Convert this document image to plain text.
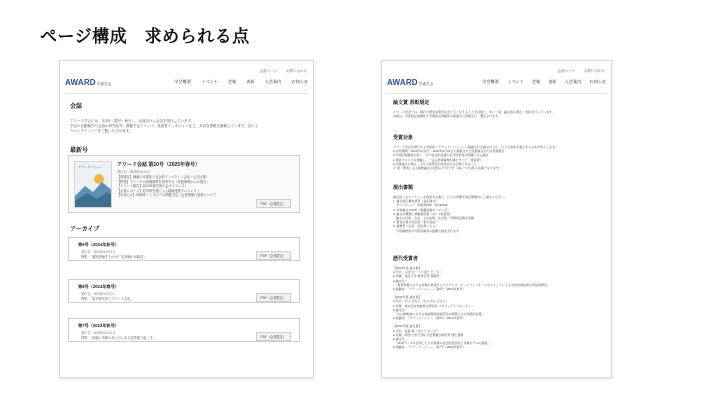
ページ構成　求められる点
会員ページ	お問い合わせ
AWARD学術学会	学会概要 イベント 会報 表彰 入会案内 お知らせ
会誌
アワード学会では、年2回（春号・秋号）、会員向けに会誌を発行しています。
学会の活動報告や会員の研究紹介、開催予定イベント、受賞者インタビューなど、多彩な情報を掲載しています。以下よ
りバックナンバーをご覧いただけます。
最新号
アワードレビュー	アワード会誌 第10号（2025年春号）
発行日：2025年4月1日
【巻頭言】価値の可視化と社会的インパクト（会長・山田太郎）
【特集】アワードの評価基準を再考する（実践事例からの提言）
【イベント報告】2024年度学術大会ダイジェスト
【会員レポート】若手研究者による地域連携プロジェクト
【お知らせ】2025年シンポジウム開催予定／会員情報の更新について
PDF（会員限定）
アーカイブ
第9号（2024年秋号）
発行日：2024年10月1日
特集：「識別評価するのか？次評価の可能性」	PDF（会員限定）
第8号（2024年春号）
発行日：2024年4月1日
特集：「若手研究者とアワード文化」	PDF（会員限定）
第7号（2023年秋号）
発行日：2023年10月1日
特集：「評価と実務のあいだにある知を掘り起こす」	PDF（会員限定）
会員ページ	お問い合わせ
AWARD学術学会	学会概要 イベント 会報 表彰 入会案内 お知らせ
論文賞 表彰規定
アワード学会では、優れた研究成果を社会に広く伝えることを目的に、年に一度、論文賞の選定・表彰を行っています。
本賞は、学術的な独創性と実務的な貢献性の両面から評価され、選定されます。
受賞対象
アワード学会が発行する学術誌「アワードレビュー」に掲載された論文のうち、以下の条件を満たすものを対象とします。
● 対象期間：2024年4月1日〜2025年3月31日に掲載された原著論文または実践報告
● 学術的独創性が高く、かつ社会的意義や応用可能性が明確である論文
● 査読プロセスを通過し、一定の評価基準を満たすこと（査読済）
● 共著論文の場合、主たる執筆者が本学会の正会員であること
※ 同一著者による複数論文の受賞は不可です。1本につき1件の応募となります。
提出書類
論文賞へのエントリーを希望する場合、以下の書類を指定期間内にご提出ください。
1. 論文賞応募申請書（指定様式）
　ダウンロード：申請書PDF（約150KB）
2. 対象論文のPDF（掲載誌面のコピー可）
3. 論文の概要と貢献説明書（A4・1枚程度）
　論文の目的、方法、主な成果、社会的・実務的意義を記載
4. 著者全員の同意書（書式自由）
5. 推薦書（任意・他会員による）
　※指導教員や外部有識者の推薦も歓迎されます
歴代受賞者
【2024年度 論文賞】
● 氏名：山田 太一（やまだ たいち）
● 所属：東京大学 教育学部 准教授
● 論文名：
　「教育現場における評価の再設計とエビデンス：ポートフォリオ・マネジメントによる学校評価改善の実証的研究」
● 掲載誌：「アワードレビュー」第9号（2024年秋号）
【2023年度 論文賞】
● 氏名：村上 さなえ（むらかみ さなえ）
● 所属：株式会社地域総合研究所 プロジェクトマネージャー
● 論文名：
　「中山間地域における地域資源評価手法の開発とその実践的意義」
● 掲載誌：「アワードレビュー」第8号（2023年春号）
【2022年度 論文賞】
● 氏名：佐藤 真（さとう まこと）
● 所属：明治大学大学院 社会情報学研究科 博士課程
● 論文名：
　「SNSデータを活用した公共施策の社会的受容性と評価モデルの提案」
● 掲載誌：「アワードレビュー」第7号（2022年春号）
